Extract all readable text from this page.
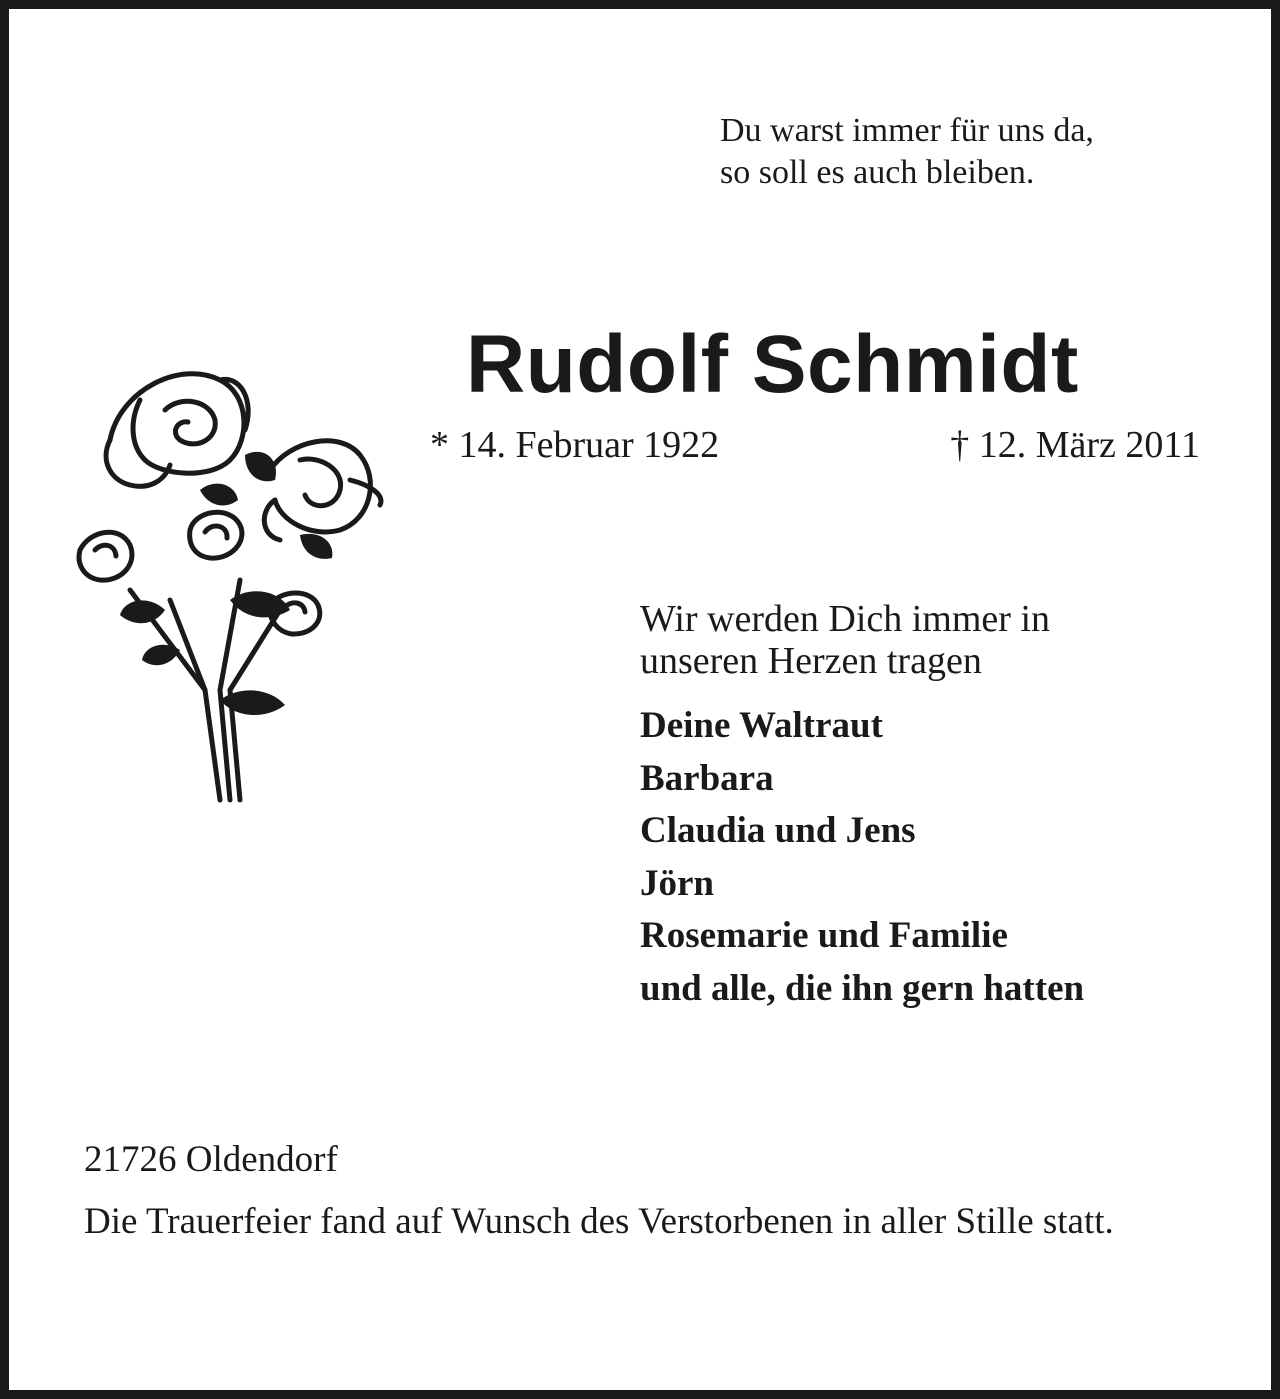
Du warst immer für uns da,
so soll es auch bleiben.
Rudolf Schmidt
* 14. Februar 1922	† 12. März 2011
Wir werden Dich immer in
unseren Herzen tragen
Deine Waltraut
Barbara
Claudia und Jens
Jörn
Rosemarie und Familie
und alle, die ihn gern hatten
21726 Oldendorf
Die Trauerfeier fand auf Wunsch des Verstorbenen in aller Stille statt.
